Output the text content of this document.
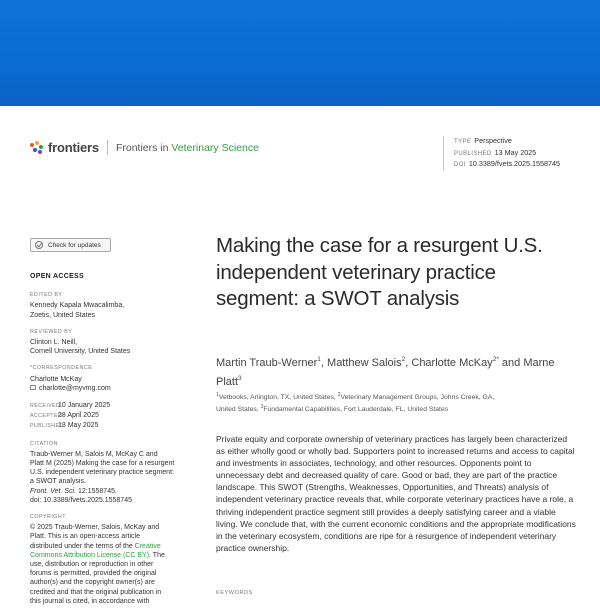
frontiers Frontiers in Veterinary Science	TYPE Perspective
PUBLISHED 13 May 2025
DOI 10.3389/fvets.2025.1558745
Check for updates
OPEN ACCESS
EDITED BY
Kennedy Kapala Mwacalimba,
Zoetis, United States
REVIEWED BY
Clinton L. Neill,
Cornell University, United States
*CORRESPONDENCE
Charlotte McKay
charlotte@myvmg.com
RECEIVED10 January 2025
ACCEPTED28 April 2025
PUBLISHED13 May 2025
CITATION
Traub-Werner M, Salois M, McKay C and
Platt M (2025) Making the case for a resurgent
U.S. independent veterinary practice segment:
a SWOT analysis.
Front. Vet. Sci. 12:1558745.
doi: 10.3389/fvets.2025.1558745
COPYRIGHT
© 2025 Traub-Werner, Salois, McKay and
Platt. This is an open-access article
distributed under the terms of the Creative
Commons Attribution License (CC BY). The
use, distribution or reproduction in other
forums is permitted, provided the original
author(s) and the copyright owner(s) are
credited and that the original publication in
this journal is cited, in accordance with
Making the case for a resurgent U.S. independent veterinary practice segment: a SWOT analysis
Martin Traub-Werner$^1$, Matthew Salois$^2$, Charlotte McKay$^{2*}$ and Marne Platt$^3$
$^1$Vetbooks, Arlington, TX, United States, $^2$Veterinary Management Groups, Johns Creek, GA,
United States, $^3$Fundamental Capabilities, Fort Lauderdale, FL, United States

Private equity and corporate ownership of veterinary practices has largely been characterized as either wholly good or wholly bad. Supporters point to increased returns and access to capital and investments in associates, technology, and other resources. Opponents point to unnecessary debt and decreased quality of care. Good or bad, they are part of the practice landscape. This SWOT (Strengths, Weaknesses, Opportunities, and Threats) analysis of independent veterinary practice reveals that, while corporate veterinary practices have a role, a thriving independent practice segment still provides a deeply satisfying career and a viable living. We conclude that, with the current economic conditions and the appropriate modifications in the veterinary ecosystem, conditions are ripe for a resurgence of independent veterinary practice ownership.

KEYWORDS
